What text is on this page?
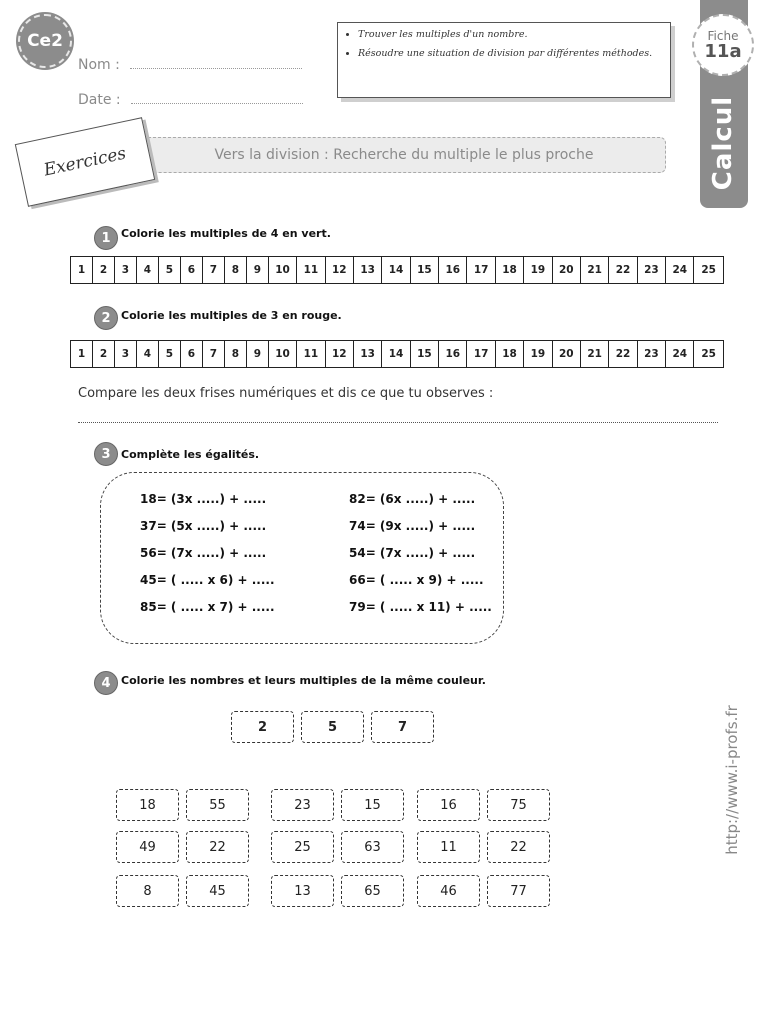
Ce2
Nom :
Date :
• Trouver les multiples d'un nombre.
• Résoudre une situation de division par différentes méthodes.
Fiche
11a
Calcul
Vers la division : Recherche du multiple le plus proche
Exercices
1 Colorie les multiples de 4 en vert.
1	2	3	4	5	6	7	8	9	10	11	12	13	14	15	16	17	18	19	20	21	22	23	24	25
2 Colorie les multiples de 3 en rouge.
1	2	3	4	5	6	7	8	9	10	11	12	13	14	15	16	17	18	19	20	21	22	23	24	25
Compare les deux frises numériques et dis ce que tu observes :
3 Complète les égalités.
18= (3x .....) + .....
37= (5x .....) + .....
56= (7x .....) + .....
45= ( ..... x 6) + .....
85= ( ..... x 7) + .....
82= (6x .....) + .....
74= (9x .....) + .....
54= (7x .....) + .....
66= ( ..... x 9) + .....
79= ( ..... x 11) + .....
4 Colorie les nombres et leurs multiples de la même couleur.
2	5	7
18	55	23	15	16	75
49	22	25	63	11	22
8	45	13	65	46	77
http://www.i-profs.fr
